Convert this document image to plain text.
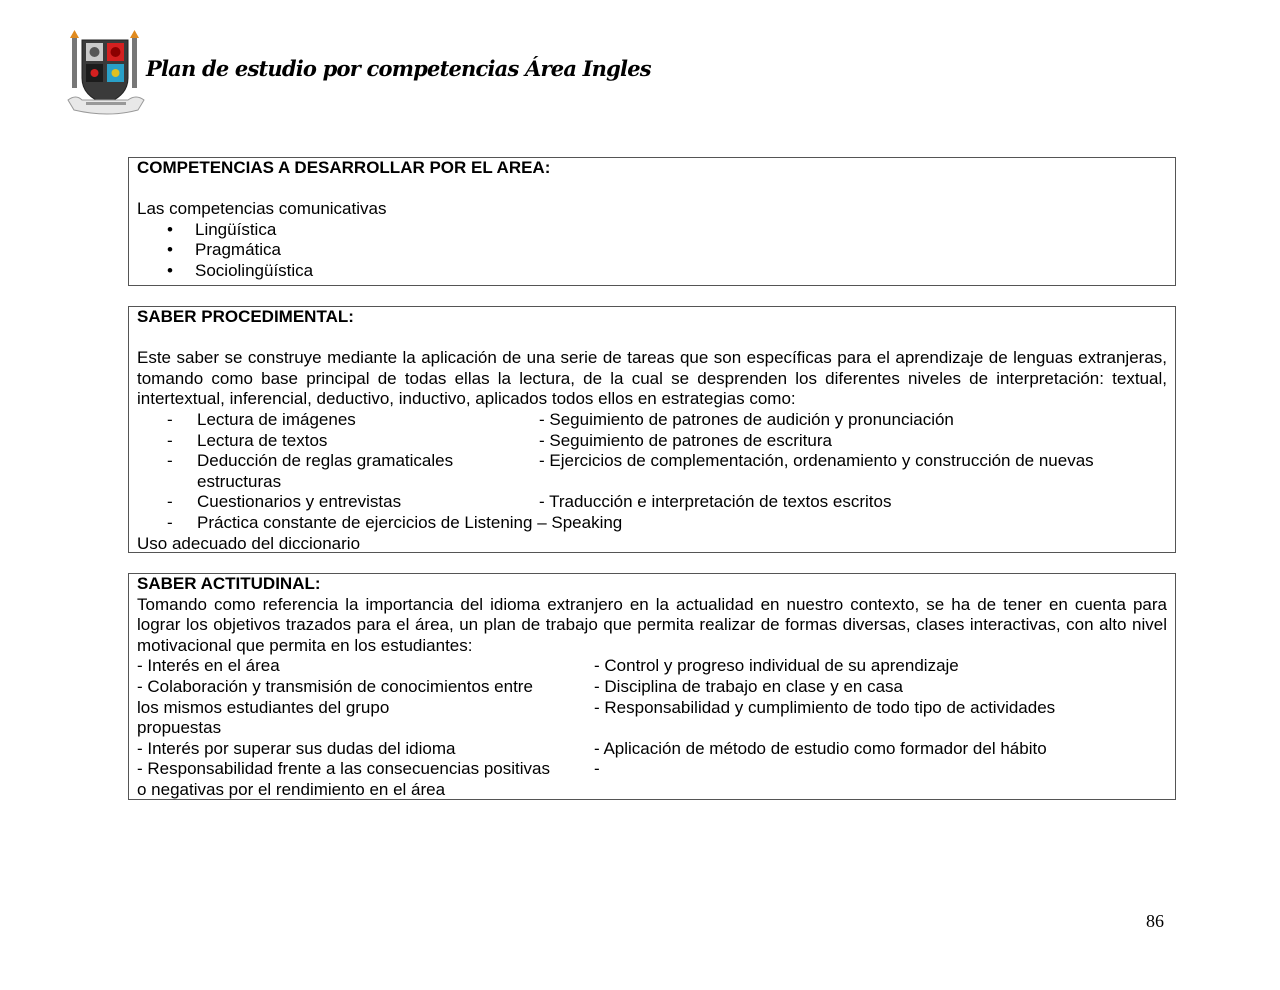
Plan de estudio por competencias Área Ingles
COMPETENCIAS A DESARROLLAR POR EL AREA:
Las competencias comunicativas
• Lingüística
• Pragmática
• Sociolingüística
SABER PROCEDIMENTAL:
Este saber se construye mediante la aplicación de una serie de tareas que son específicas para el aprendizaje de lenguas extranjeras, tomando como base principal de todas ellas la lectura, de la cual se desprenden los diferentes niveles de interpretación: textual, intertextual, inferencial, deductivo, inductivo, aplicados todos ellos en estrategias como:
-	Lectura de imágenes	- Seguimiento de patrones de audición y pronunciación
-	Lectura de textos	- Seguimiento de patrones de escritura
-	Deducción de reglas gramaticales	- Ejercicios de complementación, ordenamiento y construcción de nuevas
estructuras
-	Cuestionarios y entrevistas	- Traducción e interpretación de textos escritos
-	Práctica constante de ejercicios de Listening – Speaking
Uso adecuado del diccionario
SABER ACTITUDINAL:
Tomando como referencia la importancia del idioma extranjero en la actualidad en nuestro contexto, se ha de tener en cuenta para lograr los objetivos trazados para el área, un plan de trabajo que permita realizar de formas diversas, clases interactivas, con alto nivel motivacional que permita en los estudiantes:
- Interés en el área	- Control y progreso individual de su aprendizaje
- Colaboración y transmisión de conocimientos entre	- Disciplina de trabajo en clase y en casa
los mismos estudiantes del grupo	- Responsabilidad y cumplimiento de todo tipo de actividades
propuestas
- Interés por superar sus dudas del idioma	- Aplicación de método de estudio como formador del hábito
- Responsabilidad frente a las consecuencias positivas	-
o negativas por el rendimiento en el área
86
